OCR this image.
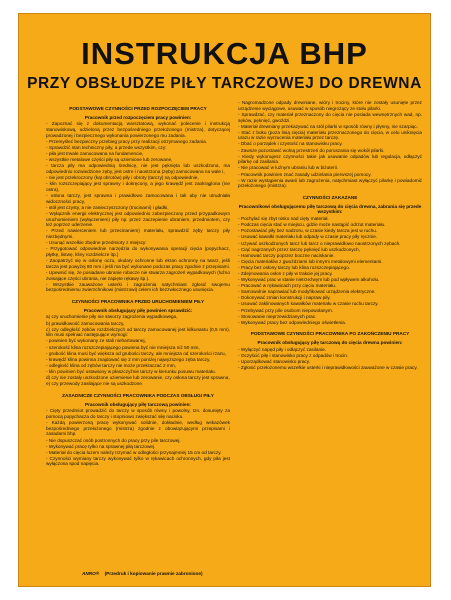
INSTRUKCJA BHP
PRZY OBSŁUDZE PIŁY TARCZOWEJ DO DREWNA
PODSTAWOWE CZYNNOŚCI PRZED ROZPOCZĘCIEM PRACY
Pracownik przed rozpoczęciem pracy powinien:
- Zapoznać się z dokumentacją warsztatową, wykonać polecenie i instrukcją stanowiskową, udzieloną przez bezpośredniego przełożonego (mistrza), dotyczącej prowadzonej i bezpiecznego wykonania powierzonego mu zadania.
- Przemyśleć bezpieczny przebieg pracy przy realizacji otrzymanego zadania.
- Sprawdzić stan techniczny piły, a przede wszystkim, czy:
- piła jest trwale zamocowana na fundamencie,
- wszystkie metalowe części piły są uziemione lub zerowane,
- tarcza piły ma odpowiednią średnicę, nie jest pęknięta lub uszkodzona, ma odpowiednio rozwiedzione zęby, jest ostre i naostrzona (zęby) zamocowana na wale i,
- nie jest przekroczony (kąt obrotów) piły i obroty (tarczy) są odpowiednie,
- klin rozszczepiający jest sprawny i dokręcony, a jego krawędź jest zaokrąglona (nie ostra),
- osłona tarczy, jest sprawna i prawidłowo zamocowana i tak aby nie utrudniała widoczności pracy,
- stół jest czysty, a nie zanieczyszczony (trocinami) i gładki,
- Wyłącznik energii elektrycznej jest odpowiednio zabezpieczony przed przypadkowym uruchomieniem (wyłączeniem) piły np. przez zaczepienie ubraniem, przedmiotem, czy też poprzez uderzenie.
- Przed nawierceniem lub przecinaniem) materiału, sprawdzić zęby tarczy piły niezbędnymi.
- Usunąć wszelkie zbędne przedmioty z miejscy:
- Przygotować odpowiednie narzędzia do wykonywania operacji cięcia (popychacz, płytkę, listwę, kliny rozdzielcze itp.)
- Zaopatrzyć się w osłonę oczu, okulary ochronne lub ekran ochronny na twarz, jeśli tarcza jest powyżej 80 mm i jeśli ma być wykonane podczas pracy zgodnie z przepisami.
- Upewnić się, że posiadane ubranie robocze nie stwarza zagrożeń wypadkowych (luźno zwisające części ubrania, nie zapięte rękawy itp.).
- Wszystkie zauważone usterki i zagrożenia natychmiast zgłosić swojemu bezpośredniemu zwierzchnikowi (mistrzowi) celem ich bezzwłocznego usunięcia.
CZYNNOŚCI PRACOWNIKA PRZED URUCHOMIENIEM PIŁY
Pracownik obsługujący piłę powinien sprawdzić:
a) czy uruchomienie piły nie stworzy zagrożenia wypadkowego,
b) prawidłowość zamocowania tarczy,
c) czy odległość zębów rozdzielczych od tarczy zamocowanej jest kilkunastu (0,5 mm), klin musi spełniać następujące wymogi:
- powinien być wykonany ze stali niehartowanej,
- szerokość klina rozszczepiającego powinna być nie mniejsza niż 50 mm,
- grubość klina musi być większa od grubości tarczy, ale mniejsza od szerokości rzazu,
- krawędź klina powinna znajdować się 2 mm poniżej najwyższego zęba tarczy,
- odległość klina od zębów tarczy nie może przekraczać 2 mm,
- klin powinien być ustawiony w płaszczyźnie tarczy w kierunku posuwu materiału.
d) czy nie zostały uszkodzone uziemienie lub zerowanie, czy osłona tarczy jest sprawna,
e) czy przewody zasilające nie są uszkodzone.
ZASADNICZE CZYNNOŚCI PRACOWNIKA PODCZAS OBSŁUGI PIŁY
Pracownik obsługujący piłę tarczową powinien:
- Cięty przedmiot prowadzić do tarczy w sposób równy i powolny, tzn. dosunięty za pomocą popychacza do tarczy i stopniowo zwiększać siłę nacisku.
- Każdą powierzoną pracę wykonywać solidnie, dokładnie, według wskazówek bezpośredniego przełożonego (mistrza) zgodnie z obowiązującymi przepisami i zasadami bhp.
- Nie dopuszczać osób postronnych do pracy przy pile tarczowej.
- Wykonywać pracę tylko na sprawnej piłą tarczowej.
- Materiał do cięcia luzem należy trzymać w odległości przynajmniej 15 cm od tarczy.
- Czynności wymiany tarczy wykonywać tylko w rękawicach ochronnych, gdy piła jest wyłączona spod napięcia.
- Nagromadzone odpady drewniane, wióry i trociny, które nie zostały usunięte przez urządzenie wyciągowe, usuwać w sposób niegrożący ze stołu pilarki.
- Sprawdzać, czy materiał przeznaczony do cięcia nie posiada wewnętrznych wad, np. sęków, pęknięć, gwoździ.
- Materiał drewniany przekazywać na stół pilarki w sposób równy i płynny, nie szarpiąc.
- Stać z boku (poza linią cięcia) materiału przeznaczonego do cięcia, w celu uniknięcia urazu w razie wyrzucenia materiału przez tarczę.
- Dbać o porządek i czystość na stanowisku pracy.
- Zawsze pozostawić wolną przestrzeń do poruszania się wokół pilarki.
- Kiedy wykonujesz czynności takie jak usuwanie odpadów lub regulacja, odłączyć pilarkę od zasilania.
- Nie pracować w luźnym ubraniu lub w biżuterii.
- Pracownik powinien znać zasady udzielania pierwszej pomocy.
- W razie wystąpienia awarii lub zagrożenia, natychmiast wyłączyć pilarkę i powiadomić przełożonego (mistrza).
CZYNNOŚCI ZAKAZANE
Pracownikowi obsługującemu piłę tarczową do cięcia drewna, zabrania się przede wszystkim:
- Pochylać się zbyt nisko nad cięty materiał.
- Podczas cięcia stać w miejscu, gdzie może nastąpić odrzut materiału.
- Pozostawiać piły bez nadzoru, w czasie kiedy tarcza jest w ruchu.
- Usuwać kawałki materiału lub odpady w czasie pracy piły ręcznie.
- Używać uszkodzonych tarcz lub tarcz o nieprawidłowo naostrzonych zębach.
- Ciąć nagrzanych przez tarczę pęknięć lub uszkodzonych,
- Hamować tarczy poprzez boczne naciskanie.
- Cięcia materiałów z gwoździami lub innymi metalowymi elementami.
- Pracy bez osłony tarczy lub klina rozszczepiającego.
- Zdejmowania osłon z piły w trakcie jej pracy.
- Wykonywać prac w stanie nietrzeźwym lub pod wpływem alkoholu.
- Pracować w rękawicach przy cięciu materiału.
- Samowolnie naprawiać lub modyfikować urządzenia elektryczne.
- Dokonywać zmian konstrukcji i napraw piły.
- Usuwać zaklinowanych kawałków materiału w czasie ruchu tarczy.
- Przebywać przy pile osobom niepowołanym.
- Stosowanie nieprzewidzianych prac.
- Wykonywać pracy bez odpowiedniego oświetlenia.
PODSTAWOWE CZYNNOŚCI PRACOWNIKA PO ZAKOŃCZENIU PRACY
Pracownik obsługujący piłę tarczową do cięcia drewna powinien:
- Wyłączyć napęd piły i odłączyć zasilanie.
- Oczyścić piłę i stanowisko pracy z odpadów i trocin.
- Uporządkować stanowisko pracy.
- Zgłosić przełożonemu wszelkie usterki i nieprawidłowości zauważone w czasie pracy.
ANRO® (Przedruk i kopiowanie prawnie zabronione)
